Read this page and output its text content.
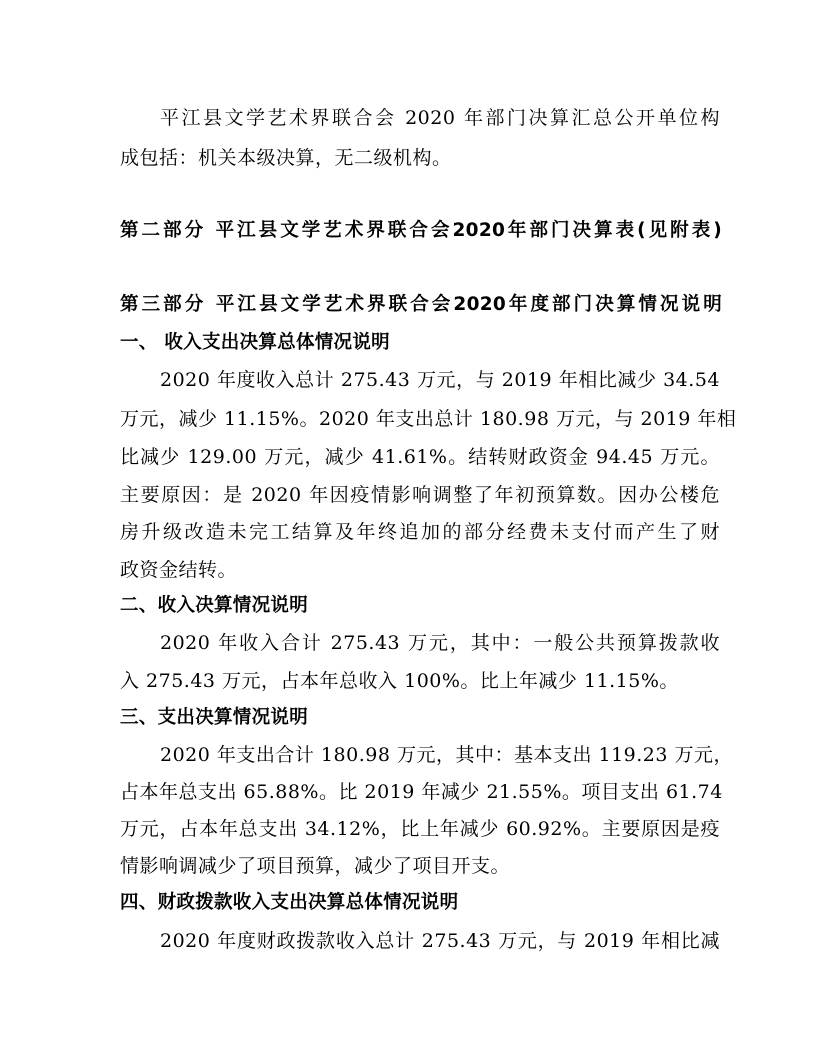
平江县文学艺术界联合会 2020 年部门决算汇总公开单位构
成包括：机关本级决算，无二级机构。
第二部分 平江县文学艺术界联合会2020年部门决算表(见附表)
第三部分 平江县文学艺术界联合会2020年度部门决算情况说明
一、 收入支出决算总体情况说明
2020 年度收入总计 275.43 万元，与 2019 年相比减少 34.54
万元，减少 11.15%。2020 年支出总计 180.98 万元，与 2019 年相
比减少 129.00 万元，减少 41.61%。结转财政资金 94.45 万元。
主要原因：是 2020 年因疫情影响调整了年初预算数。因办公楼危
房升级改造未完工结算及年终追加的部分经费未支付而产生了财
政资金结转。
二、收入决算情况说明
2020 年收入合计 275.43 万元，其中：一般公共预算拨款收
入 275.43 万元，占本年总收入 100%。比上年减少 11.15%。
三、支出决算情况说明
2020 年支出合计 180.98 万元，其中：基本支出 119.23 万元，
占本年总支出 65.88%。比 2019 年减少 21.55%。项目支出 61.74
万元，占本年总支出 34.12%，比上年减少 60.92%。主要原因是疫
情影响调减少了项目预算，减少了项目开支。
四、财政拨款收入支出决算总体情况说明
2020 年度财政拨款收入总计 275.43 万元，与 2019 年相比减
